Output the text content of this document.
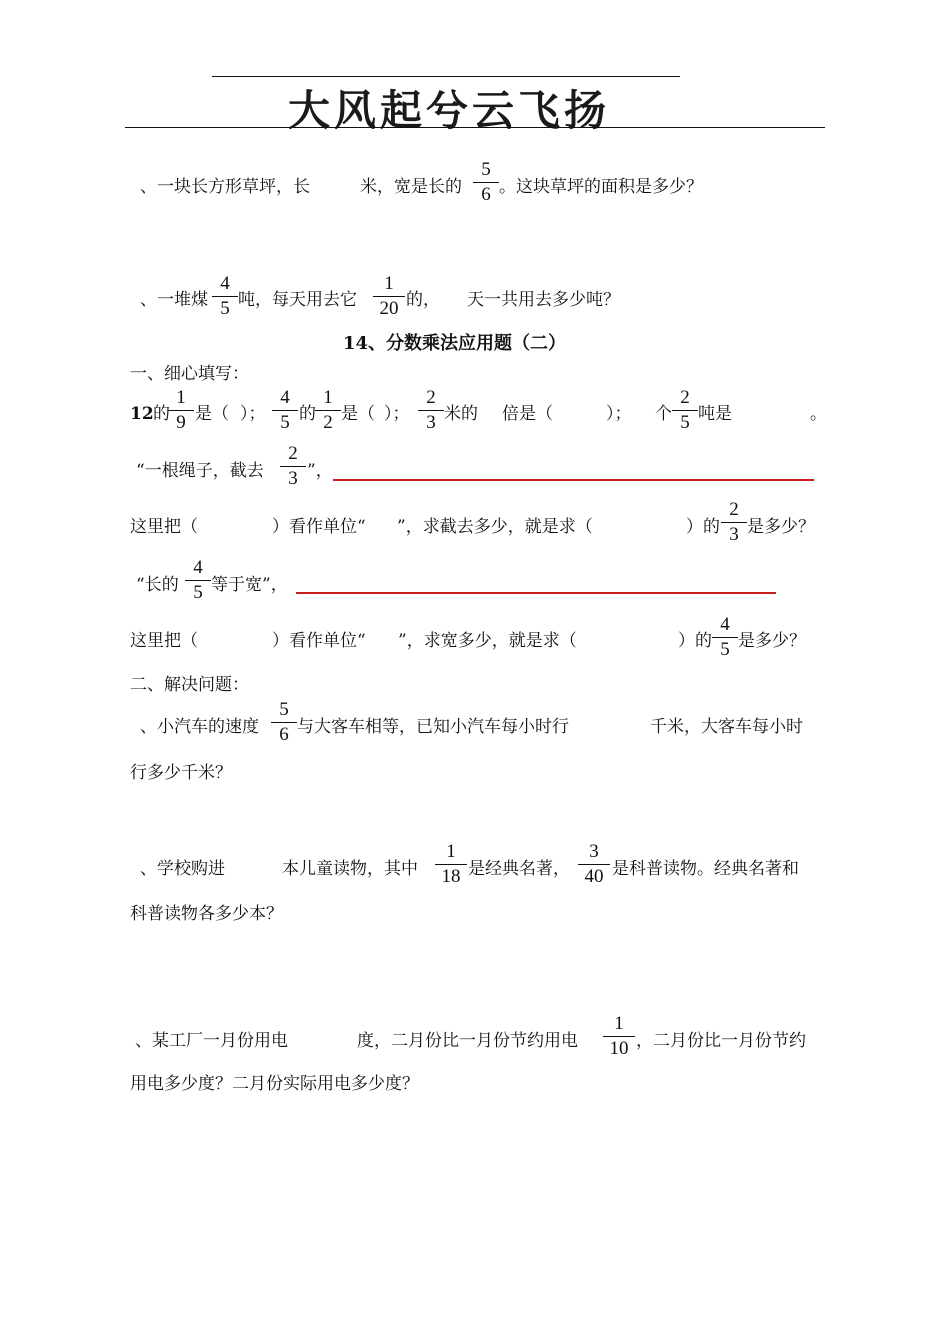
大风起兮云飞扬
、一块长方形草坪，长	米，宽是长的
5
6 。这块草坪的面积是多少？
、一堆煤
4
5 吨，每天用去它
1
20 的， 天一共用去多少吨？
14、分数乘法应用题（二）
一、细心填写：
12 的
1
9 是（ ）；
4
5 的
1
2 是（ ）；
2
3 米的 倍是（	）； 个
2
5 吨是	。
“一根绳子，截去
2
3 ”，
这里把（	）看作单位“ ”，求截去多少，就是求（	）的
2
3 是多少？
“长的
4
5 等于宽”，
这里把（	）看作单位“ ”，求宽多少，就是求（	）的
4
5 是多少？
二、解决问题：
、小汽车的速度
5
6 与大客车相等，已知小汽车每小时行	千米，大客车每小时
行多少千米？
、学校购进	本儿童读物，其中
1
18 是经典名著，
3
40 是科普读物。经典名著和
科普读物各多少本？
、某工厂一月份用电	度，二月份比一月份节约用电
1
10 ，二月份比一月份节约
用电多少度？二月份实际用电多少度？
